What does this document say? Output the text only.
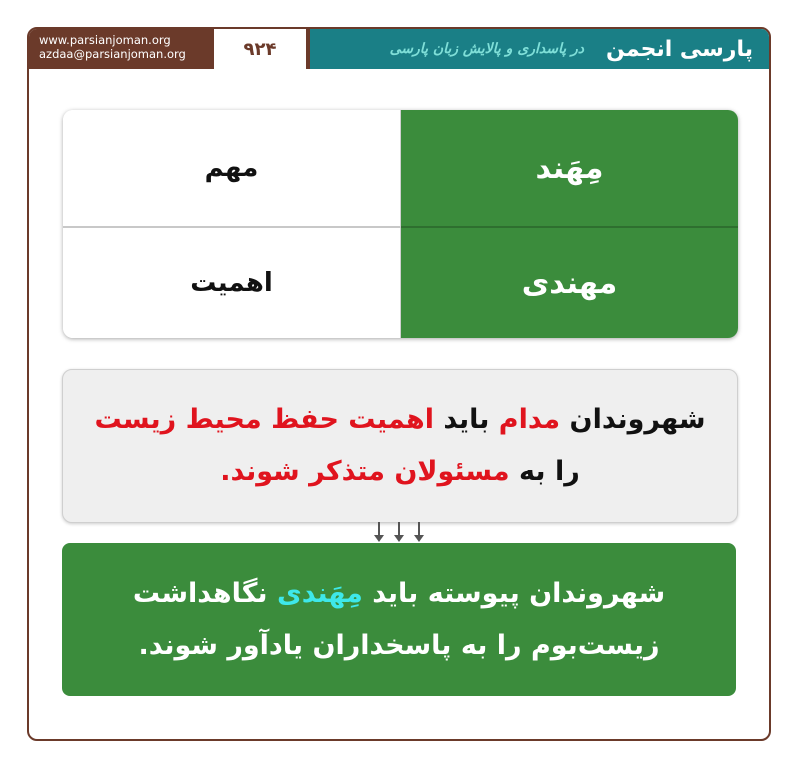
www.parsianjoman.org
azdaa@parsianjoman.org	۹۲۴	در پاسداری و پالایش زبان پارسی پارسی انجمن
مهم	مِهَند
اهمیت	مهندی
شهروندان مدام باید اهمیت حفظ محیط زیست
را به مسئولان متذکر شوند.
شهروندان پیوسته باید مِهَندی نگاهداشت
زیست‌بوم را به پاسخداران یادآور شوند.
